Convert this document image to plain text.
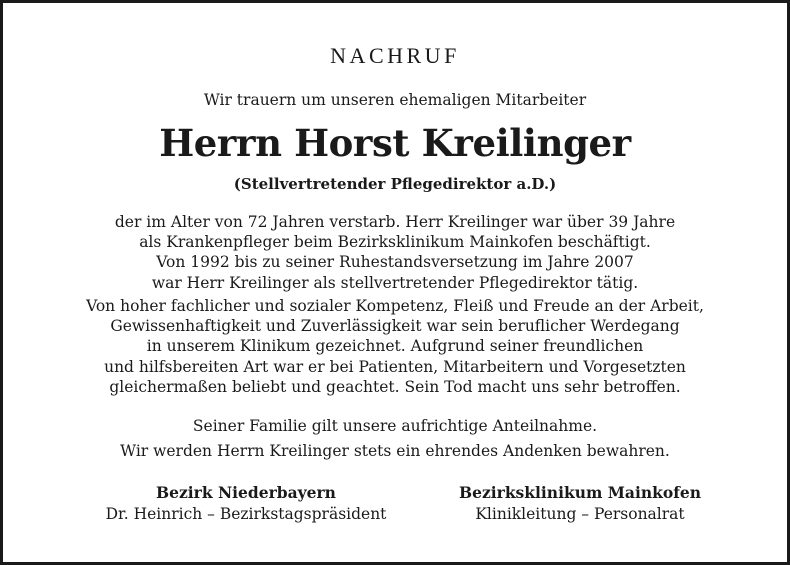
NACHRUF
Wir trauern um unseren ehemaligen Mitarbeiter
Herrn Horst Kreilinger
(Stellvertretender Pflegedirektor a.D.)
der im Alter von 72 Jahren verstarb. Herr Kreilinger war über 39 Jahre
als Krankenpfleger beim Bezirksklinikum Mainkofen beschäftigt.
Von 1992 bis zu seiner Ruhestandsversetzung im Jahre 2007
war Herr Kreilinger als stellvertretender Pflegedirektor tätig.
Von hoher fachlicher und sozialer Kompetenz, Fleiß und Freude an der Arbeit,
Gewissenhaftigkeit und Zuverlässigkeit war sein beruflicher Werdegang
in unserem Klinikum gezeichnet. Aufgrund seiner freundlichen
und hilfsbereiten Art war er bei Patienten, Mitarbeitern und Vorgesetzten
gleichermaßen beliebt und geachtet. Sein Tod macht uns sehr betroffen.
Seiner Familie gilt unsere aufrichtige Anteilnahme.
Wir werden Herrn Kreilinger stets ein ehrendes Andenken bewahren.
Bezirk Niederbayern
Dr. Heinrich – Bezirkstagspräsident
Bezirksklinikum Mainkofen
Klinikleitung – Personalrat
